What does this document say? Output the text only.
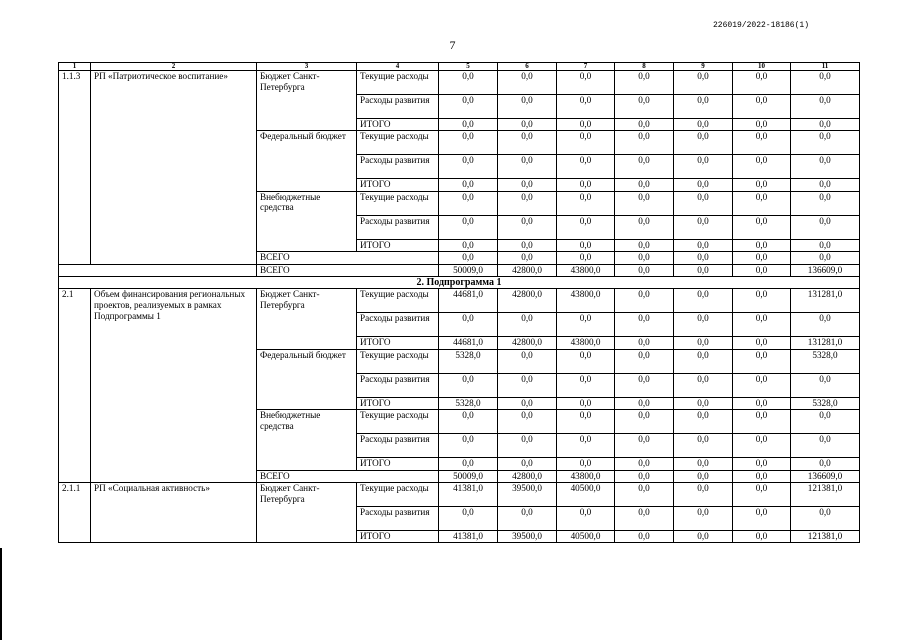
226019/2022-18186(1)
7
1	2	3	4	5	6	7	8	9	10	11
1.1.3	РП «Патриотическое воспитание»	Бюджет Санкт-Петербурга	Текущие расходы	0,0	0,0	0,0	0,0	0,0	0,0	0,0
			Расходы развития	0,0	0,0	0,0	0,0	0,0	0,0	0,0
			ИТОГО	0,0	0,0	0,0	0,0	0,0	0,0	0,0
		Федеральный бюджет	Текущие расходы	0,0	0,0	0,0	0,0	0,0	0,0	0,0
			Расходы развития	0,0	0,0	0,0	0,0	0,0	0,0	0,0
			ИТОГО	0,0	0,0	0,0	0,0	0,0	0,0	0,0
		Внебюджетные средства	Текущие расходы	0,0	0,0	0,0	0,0	0,0	0,0	0,0
			Расходы развития	0,0	0,0	0,0	0,0	0,0	0,0	0,0
			ИТОГО	0,0	0,0	0,0	0,0	0,0	0,0	0,0
		ВСЕГО		0,0	0,0	0,0	0,0	0,0	0,0	0,0
		ВСЕГО		50009,0	42800,0	43800,0	0,0	0,0	0,0	136609,0
2. Подпрограмма 1										
2.1	Объем финансирования региональных проектов, реализуемых в рамках Подпрограммы 1	Бюджет Санкт-Петербурга	Текущие расходы	44681,0	42800,0	43800,0	0,0	0,0	0,0	131281,0
			Расходы развития	0,0	0,0	0,0	0,0	0,0	0,0	0,0
			ИТОГО	44681,0	42800,0	43800,0	0,0	0,0	0,0	131281,0
		Федеральный бюджет	Текущие расходы	5328,0	0,0	0,0	0,0	0,0	0,0	5328,0
			Расходы развития	0,0	0,0	0,0	0,0	0,0	0,0	0,0
			ИТОГО	5328,0	0,0	0,0	0,0	0,0	0,0	5328,0
		Внебюджетные средства	Текущие расходы	0,0	0,0	0,0	0,0	0,0	0,0	0,0
			Расходы развития	0,0	0,0	0,0	0,0	0,0	0,0	0,0
			ИТОГО	0,0	0,0	0,0	0,0	0,0	0,0	0,0
		ВСЕГО		50009,0	42800,0	43800,0	0,0	0,0	0,0	136609,0
2.1.1	РП «Социальная активность»	Бюджет Санкт-Петербурга	Текущие расходы	41381,0	39500,0	40500,0	0,0	0,0	0,0	121381,0
			Расходы развития	0,0	0,0	0,0	0,0	0,0	0,0	0,0
			ИТОГО	41381,0	39500,0	40500,0	0,0	0,0	0,0	121381,0
